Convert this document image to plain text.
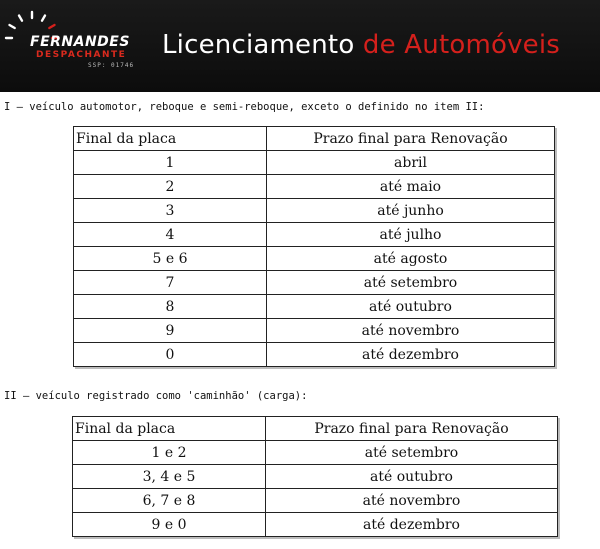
FERNANDES
DESPACHANTE
SSP: 01746
Licenciamento de Automóveis
I – veículo automotor, reboque e semi-reboque, exceto o definido no item II:
Final da placa	Prazo final para Renovação
1	abril
2	até maio
3	até junho
4	até julho
5 e 6	até agosto
7	até setembro
8	até outubro
9	até novembro
0	até dezembro
II – veículo registrado como 'caminhão' (carga):
Final da placa	Prazo final para Renovação
1 e 2	até setembro
3, 4 e 5	até outubro
6, 7 e 8	até novembro
9 e 0	até dezembro
